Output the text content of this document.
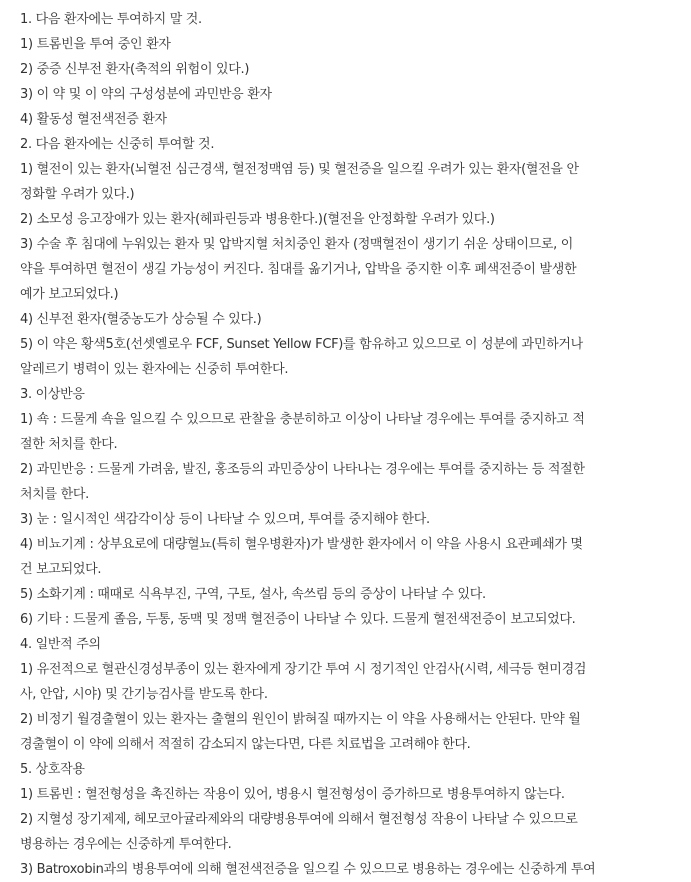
1. 다음 환자에는 투여하지 말 것.
1) 트롬빈을 투여 중인 환자
2) 중증 신부전 환자(축적의 위험이 있다.)
3) 이 약 및 이 약의 구성성분에 과민반응 환자
4) 활동성 혈전색전증 환자
2. 다음 환자에는 신중히 투여할 것.
1) 혈전이 있는 환자(뇌혈전 심근경색, 혈전정맥염 등) 및 혈전증을 일으킬 우려가 있는 환자(혈전을 안
정화할 우려가 있다.)
2) 소모성 응고장애가 있는 환자(헤파린등과 병용한다.)(혈전을 안정화할 우려가 있다.)
3) 수술 후 침대에 누워있는 환자 및 압박지혈 처치중인 환자 (정맥혈전이 생기기 쉬운 상태이므로, 이
약을 투여하면 혈전이 생길 가능성이 커진다. 침대를 옮기거나, 압박을 중지한 이후 폐색전증이 발생한
예가 보고되었다.)
4) 신부전 환자(혈중농도가 상승될 수 있다.)
5) 이 약은 황색5호(선셋옐로우 FCF, Sunset Yellow FCF)를 함유하고 있으므로 이 성분에 과민하거나
알레르기 병력이 있는 환자에는 신중히 투여한다.
3. 이상반응
1) 쇽 : 드물게 쇽을 일으킬 수 있으므로 관찰을 충분히하고 이상이 나타날 경우에는 투여를 중지하고 적
절한 처치를 한다.
2) 과민반응 : 드물게 가려움, 발진, 홍조등의 과민증상이 나타나는 경우에는 투여를 중지하는 등 적절한
처치를 한다.
3) 눈 : 일시적인 색감각이상 등이 나타날 수 있으며, 투여를 중지해야 한다.
4) 비뇨기계 : 상부요로에 대량혈뇨(특히 혈우병환자)가 발생한 환자에서 이 약을 사용시 요관폐쇄가 몇
건 보고되었다.
5) 소화기계 : 때때로 식욕부진, 구역, 구토, 설사, 속쓰림 등의 증상이 나타날 수 있다.
6) 기타 : 드물게 졸음, 두통, 동맥 및 정맥 혈전증이 나타날 수 있다. 드물게 혈전색전증이 보고되었다.
4. 일반적 주의
1) 유전적으로 혈관신경성부종이 있는 환자에게 장기간 투여 시 정기적인 안검사(시력, 세극등 현미경검
사, 안압, 시야) 및 간기능검사를 받도록 한다.
2) 비정기 월경출혈이 있는 환자는 출혈의 원인이 밝혀질 때까지는 이 약을 사용해서는 안된다. 만약 월
경출혈이 이 약에 의해서 적절히 감소되지 않는다면, 다른 치료법을 고려해야 한다.
5. 상호작용
1) 트롬빈 : 혈전형성을 촉진하는 작용이 있어, 병용시 혈전형성이 증가하므로 병용투여하지 않는다.
2) 지혈성 장기제제, 헤모코아귤라제와의 대량병용투여에 의해서 혈전형성 작용이 나타날 수 있으므로
병용하는 경우에는 신중하게 투여한다.
3) Batroxobin과의 병용투여에 의해 혈전색전증을 일으킬 수 있으므로 병용하는 경우에는 신중하게 투여
